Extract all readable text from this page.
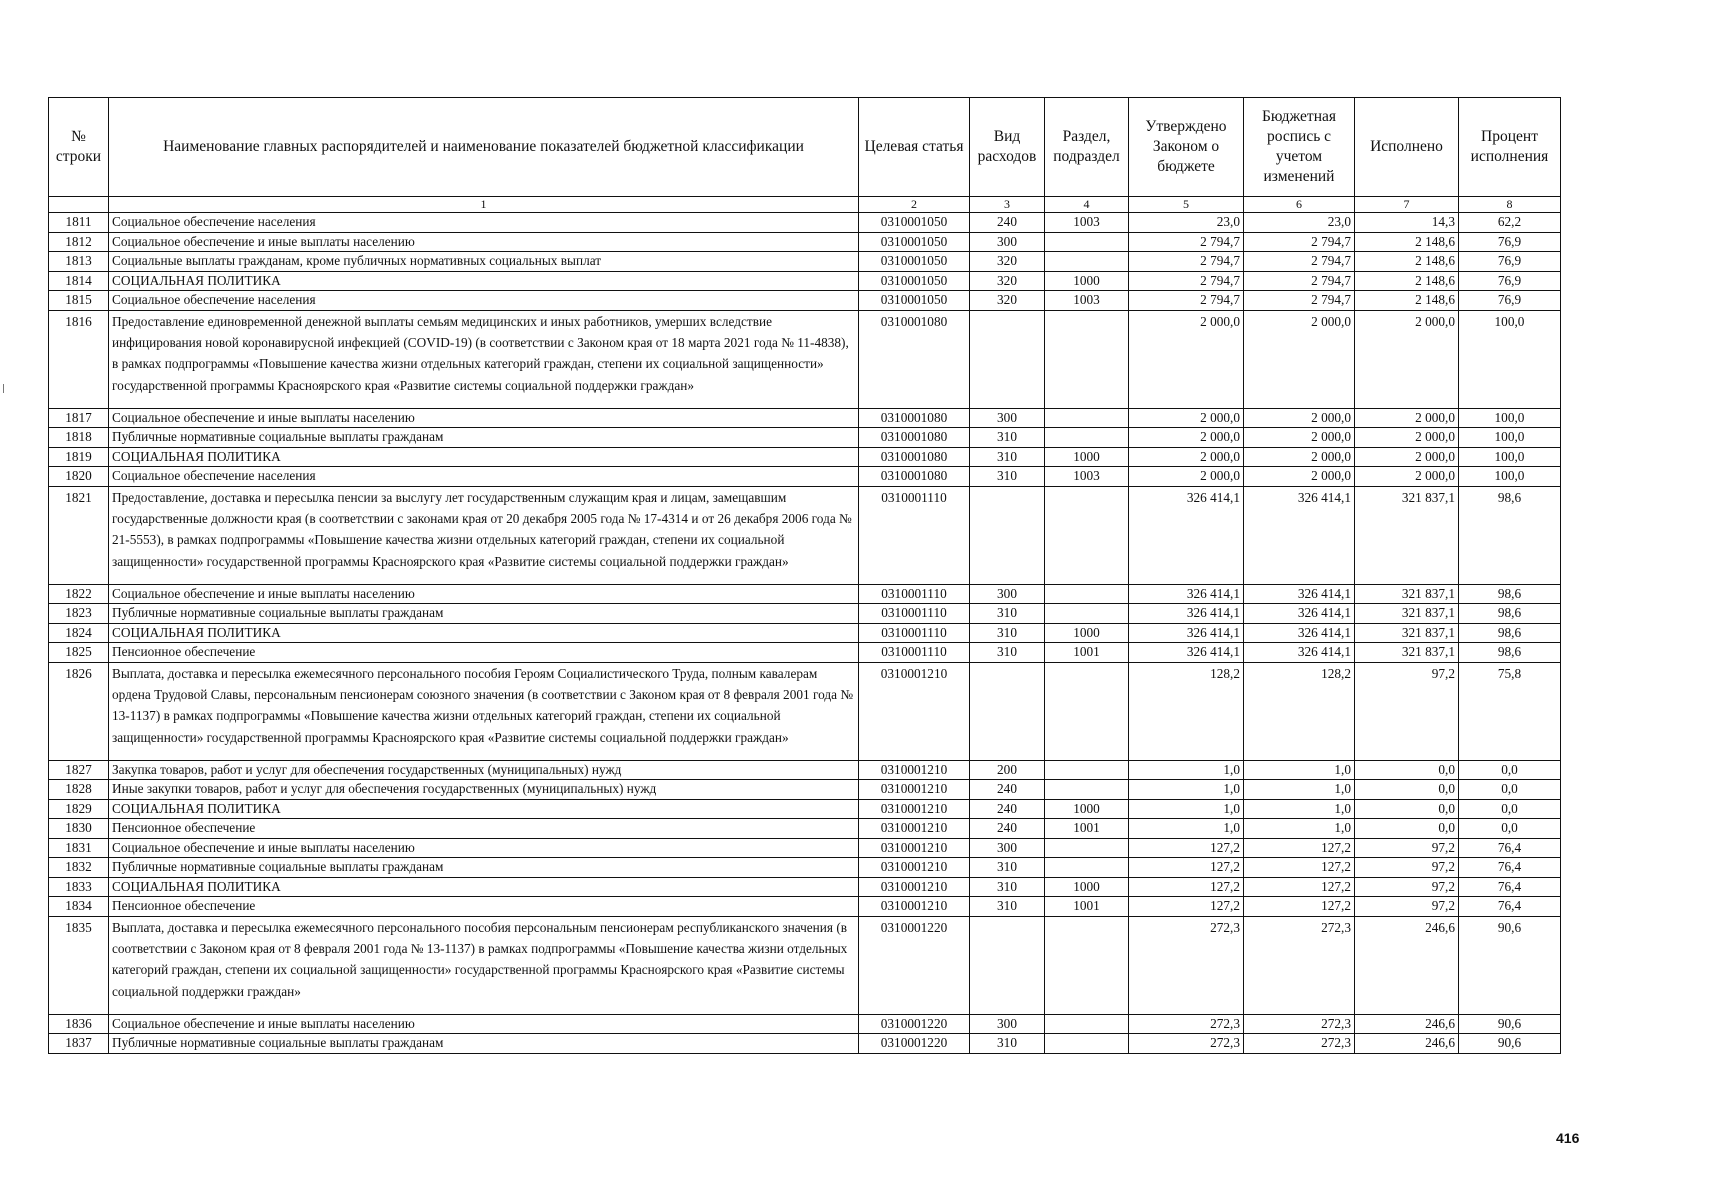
№ строки	Наименование главных распорядителей и наименование показателей бюджетной классификации	Целевая статья	Вид расходов	Раздел, подраздел	Утверждено Законом о бюджете	Бюджетная роспись с учетом изменений	Исполнено	Процент исполнения
	1	2	3	4	5	6	7	8
1811	Социальное обеспечение населения	0310001050	240	1003	23,0	23,0	14,3	62,2
1812	Социальное обеспечение и иные выплаты населению	0310001050	300		2 794,7	2 794,7	2 148,6	76,9
1813	Социальные выплаты гражданам, кроме публичных нормативных социальных выплат	0310001050	320		2 794,7	2 794,7	2 148,6	76,9
1814	СОЦИАЛЬНАЯ ПОЛИТИКА	0310001050	320	1000	2 794,7	2 794,7	2 148,6	76,9
1815	Социальное обеспечение населения	0310001050	320	1003	2 794,7	2 794,7	2 148,6	76,9
1816	Предоставление единовременной денежной выплаты семьям медицинских и иных работников, умерших вследствие инфицирования новой коронавирусной инфекцией (COVID-19) (в соответствии с Законом края от 18 марта 2021 года № 11-4838), в рамках подпрограммы «Повышение качества жизни отдельных категорий граждан, степени их социальной защищенности» государственной программы Красноярского края «Развитие системы социальной поддержки граждан»	0310001080			2 000,0	2 000,0	2 000,0	100,0
1817	Социальное обеспечение и иные выплаты населению	0310001080	300		2 000,0	2 000,0	2 000,0	100,0
1818	Публичные нормативные социальные выплаты гражданам	0310001080	310		2 000,0	2 000,0	2 000,0	100,0
1819	СОЦИАЛЬНАЯ ПОЛИТИКА	0310001080	310	1000	2 000,0	2 000,0	2 000,0	100,0
1820	Социальное обеспечение населения	0310001080	310	1003	2 000,0	2 000,0	2 000,0	100,0
1821	Предоставление, доставка и пересылка пенсии за выслугу лет государственным служащим края и лицам, замещавшим государственные должности края (в соответствии с законами края от 20 декабря 2005 года № 17-4314 и от 26 декабря 2006 года № 21-5553), в рамках подпрограммы «Повышение качества жизни отдельных категорий граждан, степени их социальной защищенности» государственной программы Красноярского края «Развитие системы социальной поддержки граждан»	0310001110			326 414,1	326 414,1	321 837,1	98,6
1822	Социальное обеспечение и иные выплаты населению	0310001110	300		326 414,1	326 414,1	321 837,1	98,6
1823	Публичные нормативные социальные выплаты гражданам	0310001110	310		326 414,1	326 414,1	321 837,1	98,6
1824	СОЦИАЛЬНАЯ ПОЛИТИКА	0310001110	310	1000	326 414,1	326 414,1	321 837,1	98,6
1825	Пенсионное обеспечение	0310001110	310	1001	326 414,1	326 414,1	321 837,1	98,6
1826	Выплата, доставка и пересылка ежемесячного персонального пособия Героям Социалистического Труда, полным кавалерам ордена Трудовой Славы, персональным пенсионерам союзного значения (в соответствии с Законом края от 8 февраля 2001 года № 13-1137) в рамках подпрограммы «Повышение качества жизни отдельных категорий граждан, степени их социальной защищенности» государственной программы Красноярского края «Развитие системы социальной поддержки граждан»	0310001210			128,2	128,2	97,2	75,8
1827	Закупка товаров, работ и услуг для обеспечения государственных (муниципальных) нужд	0310001210	200		1,0	1,0	0,0	0,0
1828	Иные закупки товаров, работ и услуг для обеспечения государственных (муниципальных) нужд	0310001210	240		1,0	1,0	0,0	0,0
1829	СОЦИАЛЬНАЯ ПОЛИТИКА	0310001210	240	1000	1,0	1,0	0,0	0,0
1830	Пенсионное обеспечение	0310001210	240	1001	1,0	1,0	0,0	0,0
1831	Социальное обеспечение и иные выплаты населению	0310001210	300		127,2	127,2	97,2	76,4
1832	Публичные нормативные социальные выплаты гражданам	0310001210	310		127,2	127,2	97,2	76,4
1833	СОЦИАЛЬНАЯ ПОЛИТИКА	0310001210	310	1000	127,2	127,2	97,2	76,4
1834	Пенсионное обеспечение	0310001210	310	1001	127,2	127,2	97,2	76,4
1835	Выплата, доставка и пересылка ежемесячного персонального пособия персональным пенсионерам республиканского значения (в соответствии с Законом края от 8 февраля 2001 года № 13-1137) в рамках подпрограммы «Повышение качества жизни отдельных категорий граждан, степени их социальной защищенности» государственной программы Красноярского края «Развитие системы социальной поддержки граждан»	0310001220			272,3	272,3	246,6	90,6
1836	Социальное обеспечение и иные выплаты населению	0310001220	300		272,3	272,3	246,6	90,6
1837	Публичные нормативные социальные выплаты гражданам	0310001220	310		272,3	272,3	246,6	90,6
416
